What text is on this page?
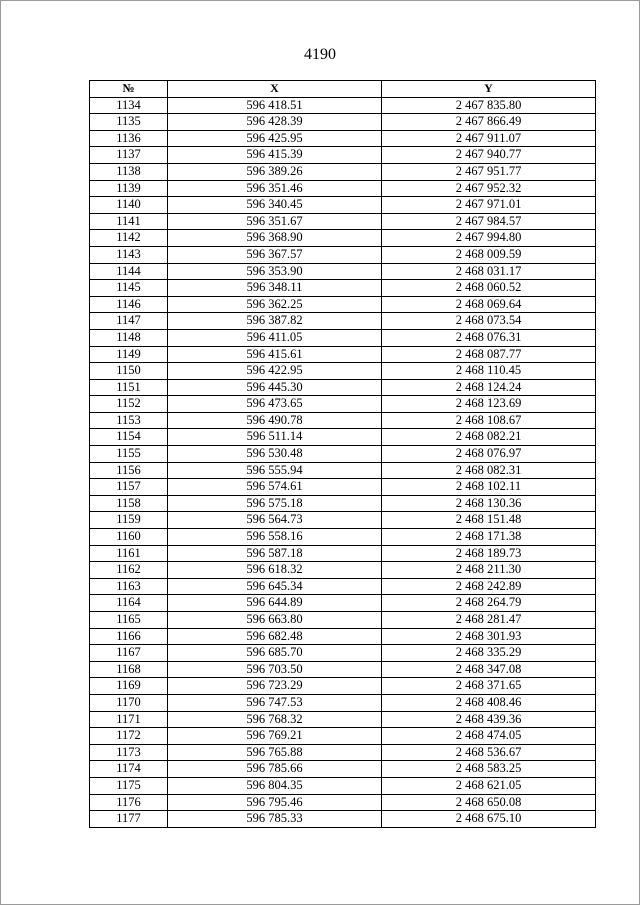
4190
№	X	Y
1134	596 418.51	2 467 835.80
1135	596 428.39	2 467 866.49
1136	596 425.95	2 467 911.07
1137	596 415.39	2 467 940.77
1138	596 389.26	2 467 951.77
1139	596 351.46	2 467 952.32
1140	596 340.45	2 467 971.01
1141	596 351.67	2 467 984.57
1142	596 368.90	2 467 994.80
1143	596 367.57	2 468 009.59
1144	596 353.90	2 468 031.17
1145	596 348.11	2 468 060.52
1146	596 362.25	2 468 069.64
1147	596 387.82	2 468 073.54
1148	596 411.05	2 468 076.31
1149	596 415.61	2 468 087.77
1150	596 422.95	2 468 110.45
1151	596 445.30	2 468 124.24
1152	596 473.65	2 468 123.69
1153	596 490.78	2 468 108.67
1154	596 511.14	2 468 082.21
1155	596 530.48	2 468 076.97
1156	596 555.94	2 468 082.31
1157	596 574.61	2 468 102.11
1158	596 575.18	2 468 130.36
1159	596 564.73	2 468 151.48
1160	596 558.16	2 468 171.38
1161	596 587.18	2 468 189.73
1162	596 618.32	2 468 211.30
1163	596 645.34	2 468 242.89
1164	596 644.89	2 468 264.79
1165	596 663.80	2 468 281.47
1166	596 682.48	2 468 301.93
1167	596 685.70	2 468 335.29
1168	596 703.50	2 468 347.08
1169	596 723.29	2 468 371.65
1170	596 747.53	2 468 408.46
1171	596 768.32	2 468 439.36
1172	596 769.21	2 468 474.05
1173	596 765.88	2 468 536.67
1174	596 785.66	2 468 583.25
1175	596 804.35	2 468 621.05
1176	596 795.46	2 468 650.08
1177	596 785.33	2 468 675.10
